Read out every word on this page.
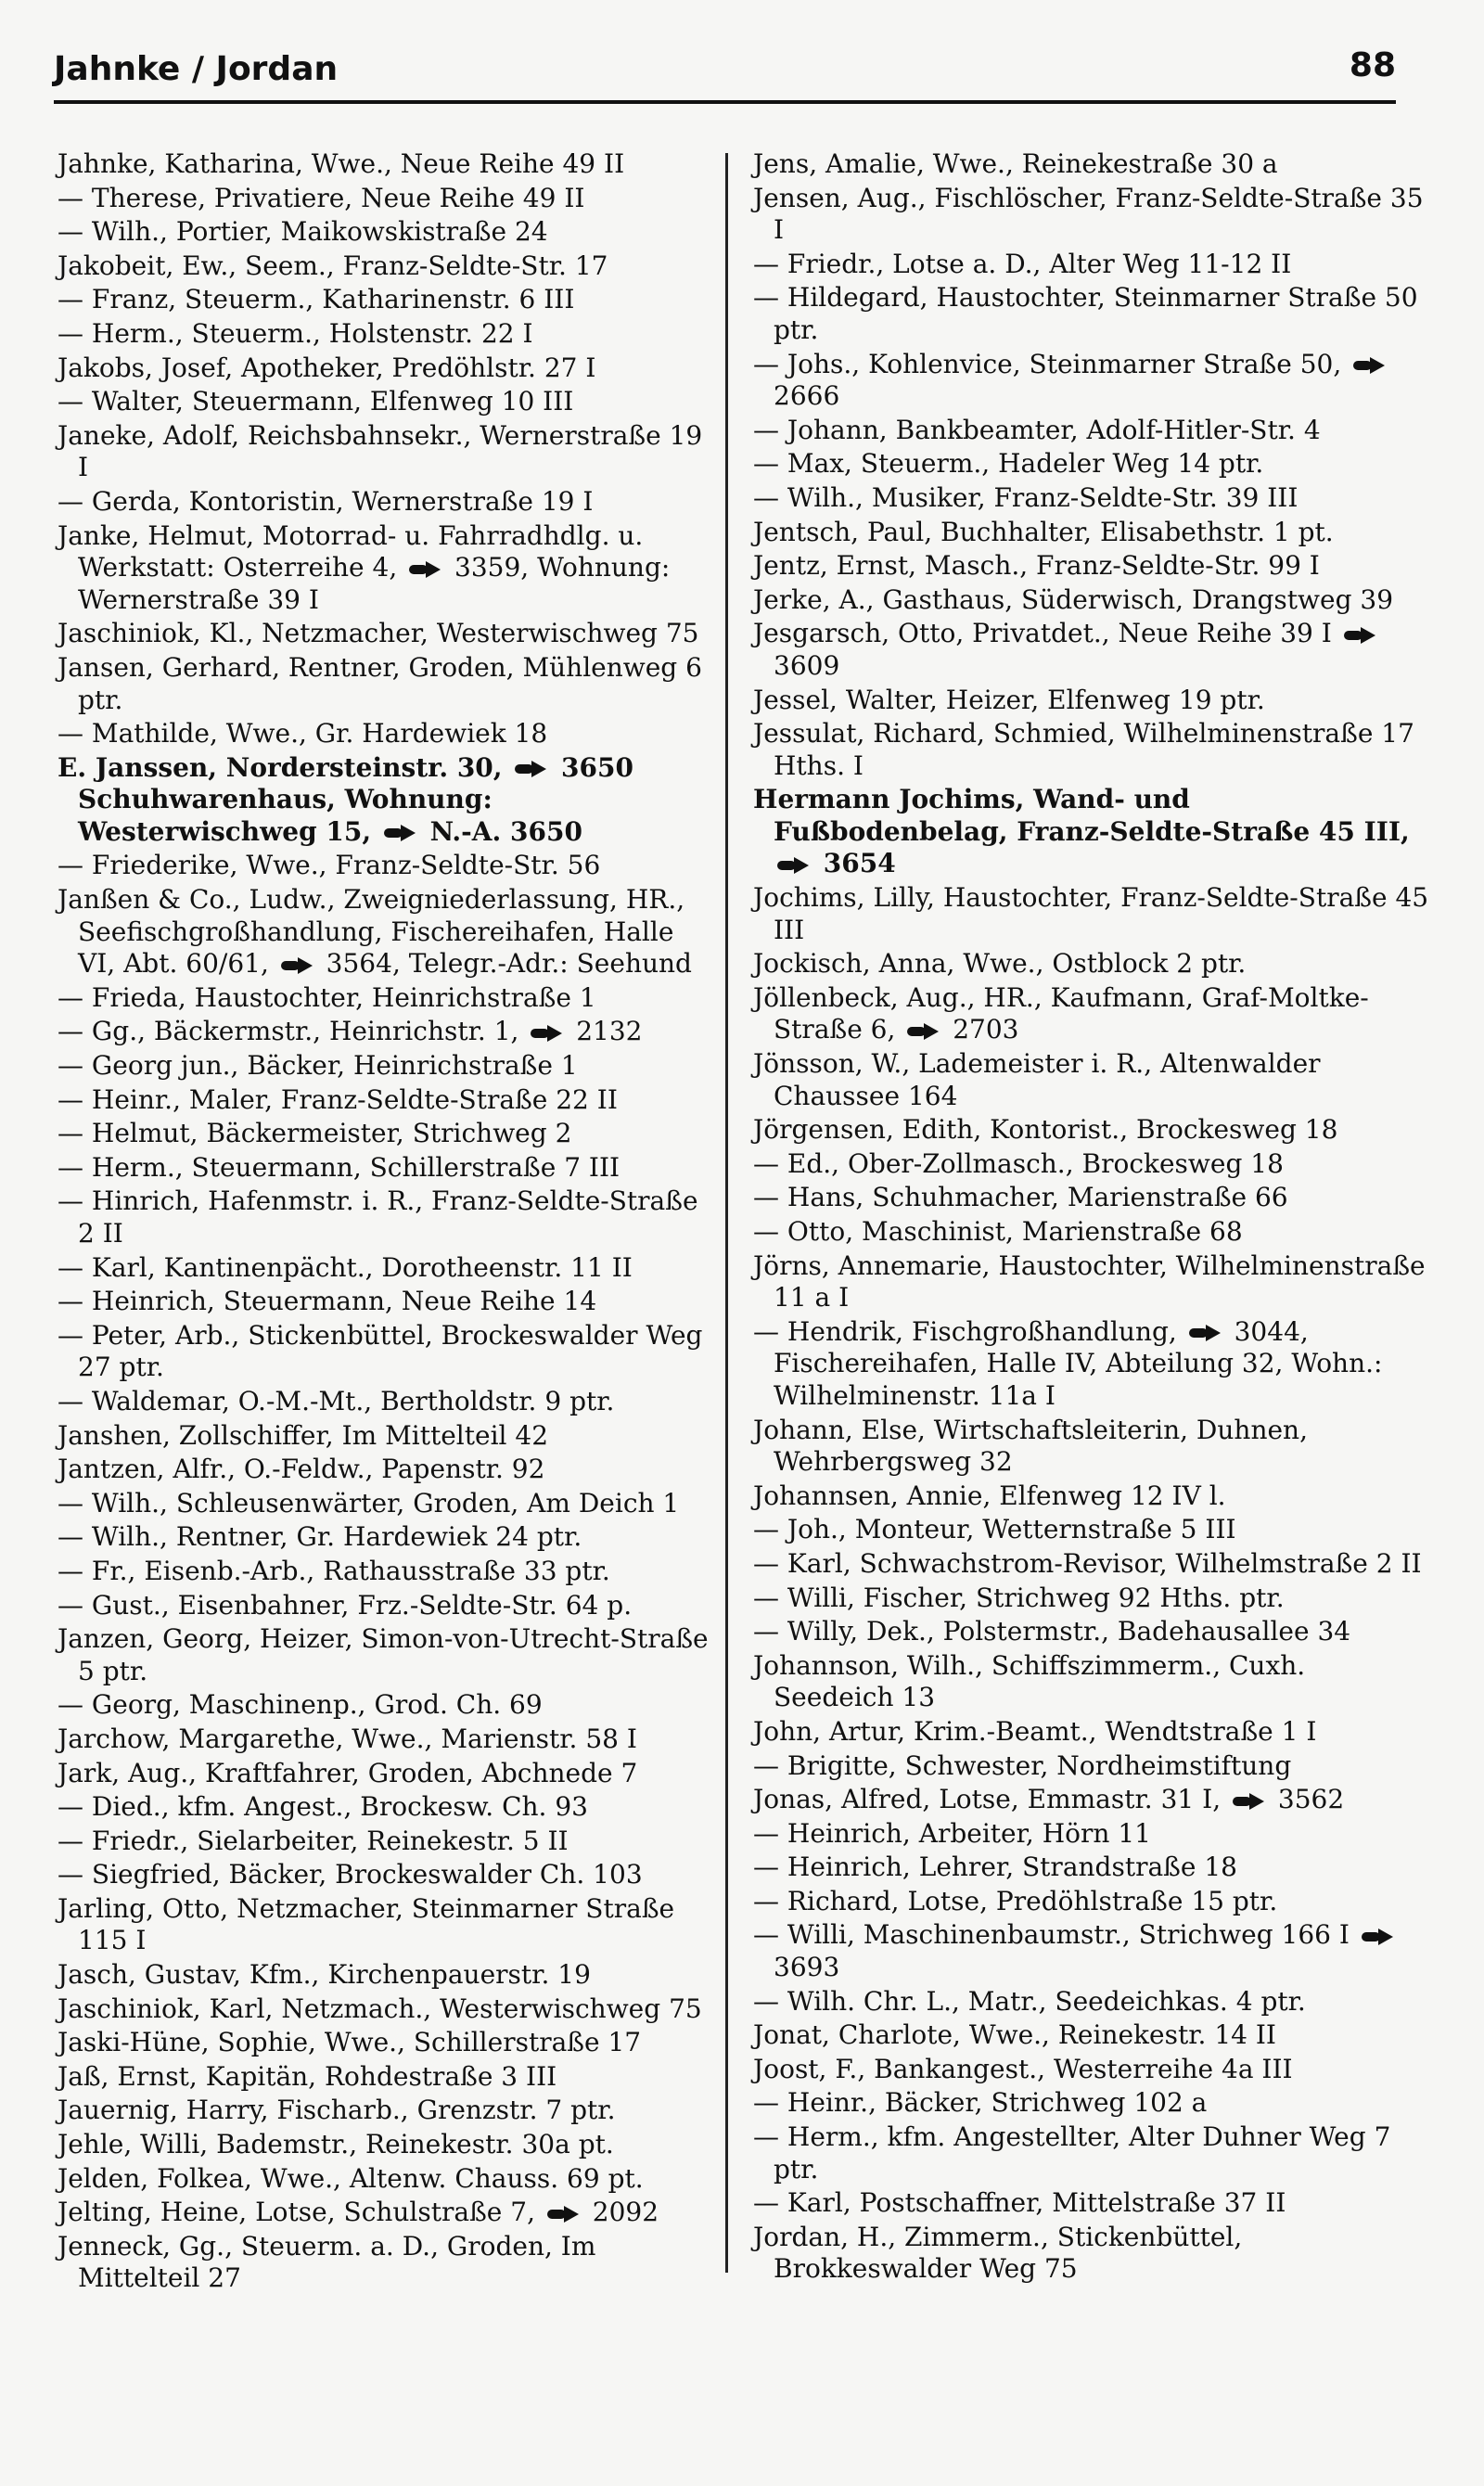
Jahnke / Jordan	88
Jahnke, Katharina, Wwe., Neue Reihe 49 II
— Therese, Privatiere, Neue Reihe 49 II
— Wilh., Portier, Maikowskistraße 24
Jakobeit, Ew., Seem., Franz-Seldte-Str. 17
— Franz, Steuerm., Katharinenstr. 6 III
— Herm., Steuerm., Holstenstr. 22 I
Jakobs, Josef, Apotheker, Predöhlstr. 27 I
— Walter, Steuermann, Elfenweg 10 III
Janeke, Adolf, Reichsbahnsekr., Wernerstraße 19 I
— Gerda, Kontoristin, Wernerstraße 19 I
Janke, Helmut, Motorrad- u. Fahrradhdlg. u. Werkstatt: Osterreihe 4,  3359, Wohnung: Wernerstraße 39 I
Jaschiniok, Kl., Netzmacher, Westerwischweg 75
Jansen, Gerhard, Rentner, Groden, Mühlenweg 6 ptr.
— Mathilde, Wwe., Gr. Hardewiek 18
E. Janssen, Nordersteinstr. 30,  3650 Schuhwarenhaus, Wohnung: Westerwischweg 15,  N.-A. 3650
— Friederike, Wwe., Franz-Seldte-Str. 56
Janßen & Co., Ludw., Zweigniederlassung, HR., Seefischgroßhandlung, Fischereihafen, Halle VI, Abt. 60/61,  3564, Telegr.-Adr.: Seehund
— Frieda, Haustochter, Heinrichstraße 1
— Gg., Bäckermstr., Heinrichstr. 1,  2132
— Georg jun., Bäcker, Heinrichstraße 1
— Heinr., Maler, Franz-Seldte-Straße 22 II
— Helmut, Bäckermeister, Strichweg 2
— Herm., Steuermann, Schillerstraße 7 III
— Hinrich, Hafenmstr. i. R., Franz-Seldte-Straße 2 II
— Karl, Kantinenpächt., Dorotheenstr. 11 II
— Heinrich, Steuermann, Neue Reihe 14
— Peter, Arb., Stickenbüttel, Brockeswalder Weg 27 ptr.
— Waldemar, O.-M.-Mt., Bertholdstr. 9 ptr.
Janshen, Zollschiffer, Im Mittelteil 42
Jantzen, Alfr., O.-Feldw., Papenstr. 92
— Wilh., Schleusenwärter, Groden, Am Deich 1
— Wilh., Rentner, Gr. Hardewiek 24 ptr.
— Fr., Eisenb.-Arb., Rathausstraße 33 ptr.
— Gust., Eisenbahner, Frz.-Seldte-Str. 64 p.
Janzen, Georg, Heizer, Simon-von-Utrecht-Straße 5 ptr.
— Georg, Maschinenp., Grod. Ch. 69
Jarchow, Margarethe, Wwe., Marienstr. 58 I
Jark, Aug., Kraftfahrer, Groden, Abchnede 7
— Died., kfm. Angest., Brockesw. Ch. 93
— Friedr., Sielarbeiter, Reinekestr. 5 II
— Siegfried, Bäcker, Brockeswalder Ch. 103
Jarling, Otto, Netzmacher, Steinmarner Straße 115 I
Jasch, Gustav, Kfm., Kirchenpauerstr. 19
Jaschiniok, Karl, Netzmach., Westerwischweg 75
Jaski-Hüne, Sophie, Wwe., Schillerstraße 17
Jaß, Ernst, Kapitän, Rohdestraße 3 III
Jauernig, Harry, Fischarb., Grenzstr. 7 ptr.
Jehle, Willi, Bademstr., Reinekestr. 30a pt.
Jelden, Folkea, Wwe., Altenw. Chauss. 69 pt.
Jelting, Heine, Lotse, Schulstraße 7,  2092
Jenneck, Gg., Steuerm. a. D., Groden, Im Mittelteil 27
Jens, Amalie, Wwe., Reinekestraße 30 a
Jensen, Aug., Fischlöscher, Franz-Seldte-Straße 35 I
— Friedr., Lotse a. D., Alter Weg 11-12 II
— Hildegard, Haustochter, Steinmarner Straße 50 ptr.
— Johs., Kohlenvice, Steinmarner Straße 50,  2666
— Johann, Bankbeamter, Adolf-Hitler-Str. 4
— Max, Steuerm., Hadeler Weg 14 ptr.
— Wilh., Musiker, Franz-Seldte-Str. 39 III
Jentsch, Paul, Buchhalter, Elisabethstr. 1 pt.
Jentz, Ernst, Masch., Franz-Seldte-Str. 99 I
Jerke, A., Gasthaus, Süderwisch, Drangstweg 39
Jesgarsch, Otto, Privatdet., Neue Reihe 39 I  3609
Jessel, Walter, Heizer, Elfenweg 19 ptr.
Jessulat, Richard, Schmied, Wilhelminenstraße 17 Hths. I
Hermann Jochims, Wand- und Fußbodenbelag, Franz-Seldte-Straße 45 III,  3654
Jochims, Lilly, Haustochter, Franz-Seldte-Straße 45 III
Jockisch, Anna, Wwe., Ostblock 2 ptr.
Jöllenbeck, Aug., HR., Kaufmann, Graf-Moltke-Straße 6,  2703
Jönsson, W., Lademeister i. R., Altenwalder Chaussee 164
Jörgensen, Edith, Kontorist., Brockesweg 18
— Ed., Ober-Zollmasch., Brockesweg 18
— Hans, Schuhmacher, Marienstraße 66
— Otto, Maschinist, Marienstraße 68
Jörns, Annemarie, Haustochter, Wilhelminenstraße 11 a I
— Hendrik, Fischgroßhandlung,  3044, Fischereihafen, Halle IV, Abteilung 32, Wohn.: Wilhelminenstr. 11a I
Johann, Else, Wirtschaftsleiterin, Duhnen, Wehrbergsweg 32
Johannsen, Annie, Elfenweg 12 IV l.
— Joh., Monteur, Wetternstraße 5 III
— Karl, Schwachstrom-Revisor, Wilhelmstraße 2 II
— Willi, Fischer, Strichweg 92 Hths. ptr.
— Willy, Dek., Polstermstr., Badehausallee 34
Johannson, Wilh., Schiffszimmerm., Cuxh. Seedeich 13
John, Artur, Krim.-Beamt., Wendtstraße 1 I
— Brigitte, Schwester, Nordheimstiftung
Jonas, Alfred, Lotse, Emmastr. 31 I,  3562
— Heinrich, Arbeiter, Hörn 11
— Heinrich, Lehrer, Strandstraße 18
— Richard, Lotse, Predöhlstraße 15 ptr.
— Willi, Maschinenbaumstr., Strichweg 166 I  3693
— Wilh. Chr. L., Matr., Seedeichkas. 4 ptr.
Jonat, Charlote, Wwe., Reinekestr. 14 II
Joost, F., Bankangest., Westerreihe 4a III
— Heinr., Bäcker, Strichweg 102 a
— Herm., kfm. Angestellter, Alter Duhner Weg 7 ptr.
— Karl, Postschaffner, Mittelstraße 37 II
Jordan, H., Zimmerm., Stickenbüttel, Brokkeswalder Weg 75
